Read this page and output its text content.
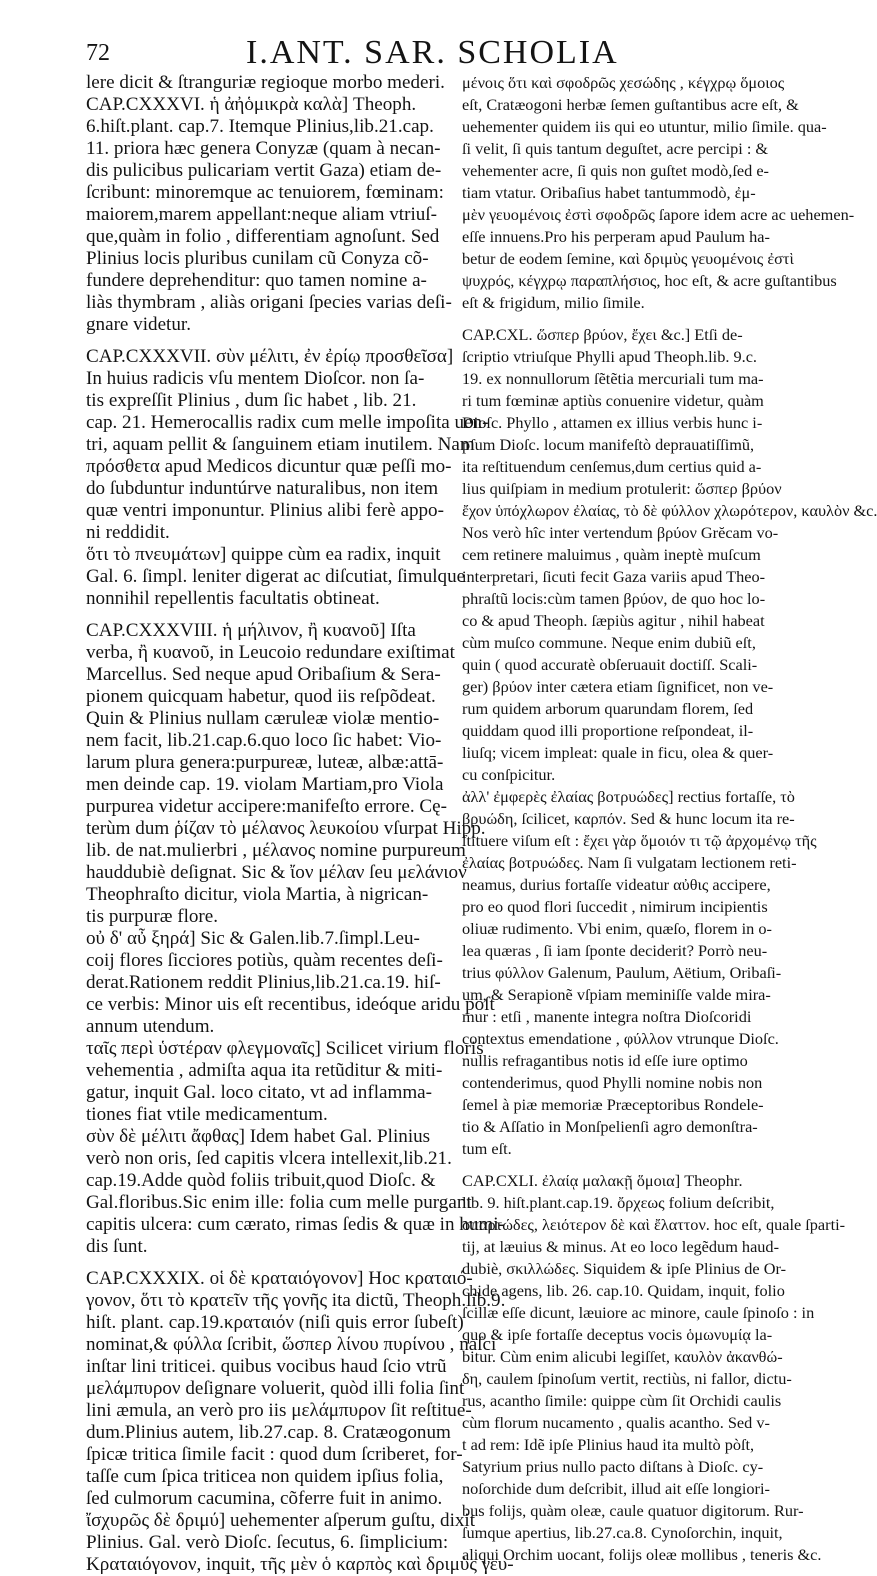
72	I.ANT. SAR. SCHOLIA
lere dicit & ſtranguriæ regioque morbo mederi.
CAP.CXXXVI. ἡ ἀἠὁμικρὰ καλὰ] Theoph.
6.hiſt.plant. cap.7. Itemque Plinius,lib.21.cap.
11. priora hæc genera Conyzæ (quam à necan-
dis pulicibus pulicariam vertit Gaza) etiam de-
ſcribunt: minoremque ac tenuiorem, fœminam:
maiorem,marem appellant:neque aliam vtriuſ-
que,quàm in folio , differentiam agnoſunt. Sed
Plinius locis pluribus cunilam cũ Conyza cõ-
fundere deprehenditur: quo tamen nomine a-
liàs thymbram , aliàs origani ſpecies varias deſi-
gnare videtur.
CAP.CXXXVII. σὺν μέλιτι, ἐν ἐρίῳ προσθεῖσα]
In huius radicis vſu mentem Dioſcor. non ſa-
tis expreſſit Plinius , dum ſic habet , lib. 21.
cap. 21. Hemerocallis radix cum melle impoſita uen-
tri, aquam pellit & ſanguinem etiam inutilem. Nam
πρόσθετα apud Medicos dicuntur quæ peſſi mo-
do ſubduntur induntúrve naturalibus, non item
quæ ventri imponuntur. Plinius alibi ferè appo-
ni reddidit.
ὅτι τὸ πνευμάτων] quippe cùm ea radix, inquit
Gal. 6. ſimpl. leniter digerat ac diſcutiat, ſimulque
nonnihil repellentis facultatis obtineat.
CAP.CXXXVIII. ἡ μήλινον, ἢ κυανοῦ] Iſta
verba, ἢ κυανοῦ, in Leucoio redundare exiſtimat
Marcellus. Sed neque apud Oribaſium & Sera-
pionem quicquam habetur, quod iis reſpõdeat.
Quin & Plinius nullam cæruleæ violæ mentio-
nem facit, lib.21.cap.6.quo loco ſic habet: Vio-
larum plura genera:purpureæ, luteæ, albæ:attā-
men deinde cap. 19. violam Martiam,pro Viola
purpurea videtur accipere:manifeſto errore. Cę-
terùm dum ῥίζαν τὸ μέλανος λευκοίου vſurpat Hipp.
lib. de nat.mulierbri , μέλανος nomine purpureum
hauddubiè deſignat. Sic & ἴον μέλαν ſeu μελάνιον
Theophraſto dicitur, viola Martia, à nigrican-
tis purpuræ flore.
οὐ δ' αὖ ξηρά] Sic & Galen.lib.7.ſimpl.Leu-
coij flores ſicciores potiùs, quàm recentes deſi-
derat.Rationem reddit Plinius,lib.21.ca.19. hiſ-
ce verbis: Minor uis eſt recentibus, ideóque aridu poſt
annum utendum.
ταῖς περὶ ὑστέραν φλεγμοναῖς] Scilicet virium floris
vehementia , admiſta aqua ita retũditur & miti-
gatur, inquit Gal. loco citato, vt ad inflamma-
tiones fiat vtile medicamentum.
σὺν δὲ μέλιτι ἄφθας] Idem habet Gal. Plinius
verò non oris, ſed capitis vlcera intellexit,lib.21.
cap.19.Adde quòd foliis tribuit,quod Dioſc. &
Gal.floribus.Sic enim ille: folia cum melle purgant
capitis ulcera: cum cærato, rimas ſedis & quæ in humi-
dis ſunt.
CAP.CXXXIX. οἱ δὲ κραταιόγονον] Hoc κραταιό-
γονον, ὅτι τὸ κρατεῖν τῆς γονῆς ita dictũ, Theoph.lib.9.
hiſt. plant. cap.19.κραταιόν (niſi quis error ſubeſt)
nominat,& φύλλα ſcribit, ὥσπερ λίνου πυρίνου , naſci
inſtar lini triticei. quibus vocibus haud ſcio vtrũ
μελάμπυρον deſignare voluerit, quòd illi folia ſint
lini æmula, an verò pro iis μελάμπυρον ſit reſtitue-
dum.Plinius autem, lib.27.cap. 8. Cratæogonum
ſpicæ tritica ſimile facit : quod dum ſcriberet, for-
taſſe cum ſpica triticea non quidem ipſius folia,
ſed culmorum cacumina, cõferre fuit in animo.
ἴσχυρῶς δὲ δριμύ] uehementer aſperum guſtu, dixit
Plinius. Gal. verò Dioſc. ſecutus, 6. ſimplicium:
Κραταιόγονον, inquit, τῆς μὲν ὁ καρπὸς καὶ δριμὺς γευ-
μένοις ὅτι καὶ σφοδρῶς χεσώδης , κέγχρῳ ὅμοιος
eſt, Cratæogoni herbæ ſemen guſtantibus acre eſt, &
uehementer quidem iis qui eo utuntur, milio ſimile. qua-
ſi velit, ſi quis tantum deguſtet, acre percipi : &
vehementer acre, ſi quis non guſtet modò,ſed e-
tiam vtatur. Oribaſius habet tantummodò, ἐμ-
μὲν γευομένοις ἐστὶ σφοδρῶς ſapore idem acre ac uehemen-
eſſe innuens.Pro his perperam apud Paulum ha-
betur de eodem ſemine, καὶ δριμὺς γευομένοις ἐστὶ
ψυχρός, κέγχρῳ παραπλήσιος, hoc eſt, & acre guſtantibus
eſt & frigidum, milio ſimile.
CAP.CXL. ὥσπερ βρύον, ἔχει &c.] Etſi de-
ſcriptio vtriuſque Phylli apud Theoph.lib. 9.c.
19. ex nonnullorum ſẽtẽtia mercuriali tum ma-
ri tum fœminæ aptiùs conuenire videtur, quàm
Dioſc. Phyllo , attamen ex illius verbis hunc i-
pſum Dioſc. locum manifeſtò deprauatiſſimũ,
ita reſtituendum cenſemus,dum certius quid a-
lius quiſpiam in medium protulerit: ὥσπερ βρύον
ἔχον ὑπόχλωρον ἐλαίας, τὸ δὲ φύλλον χλωρότερον, καυλὸν &c.
Nos verò hîc inter vertendum βρύον Grĕcam vo-
cem retinere maluimus , quàm ineptè muſcum
interpretari, ſicuti fecit Gaza variis apud Theo-
phraſtũ locis:cùm tamen βρύον, de quo hoc lo-
co & apud Theoph. ſæpiùs agitur , nihil habeat
cùm muſco commune. Neque enim dubiũ eſt,
quin ( quod accuratè obſeruauit doctiſſ. Scali-
ger) βρύον inter cætera etiam ſignificet, non ve-
rum quidem arborum quarundam florem, ſed
quiddam quod illi proportione reſpondeat, il-
liuſq; vicem impleat: quale in ficu, olea & quer-
cu conſpicitur.
ἀλλ' ἐμφερὲς ἐλαίας βοτρυώδες] rectius fortaſſe, τὸ
βρυώδη, ſcilicet, καρπόν. Sed & hunc locum ita re-
ſtituere viſum eſt : ἔχει γὰρ ὅμοιόν τι τῷ ἀρχομένῳ τῆς
ἐλαίας βοτρυώδες. Nam ſi vulgatam lectionem reti-
neamus, durius fortaſſe videatur αὐθις accipere,
pro eo quod flori ſuccedit , nimirum incipientis
oliuæ rudimento. Vbi enim, quæſo, florem in o-
lea quæras , ſi iam ſponte deciderit? Porrò neu-
trius φύλλον Galenum, Paulum, Aëtium, Oribaſi-
um, & Serapionẽ vſpiam meminiſſe valde mira-
mur : etſi , manente integra noſtra Dioſcoridi
contextus emendatione , φύλλον vtrunque Dioſc.
nullis refragantibus notis id eſſe iure optimo
contenderimus, quod Phylli nomine nobis non
ſemel à piæ memoriæ Præceptoribus Rondele-
tio & Aſſatio in Monſpelienſi agro demonſtra-
tum eſt.
CAP.CXLI. ἐλαίᾳ μαλακῇ ὅμοια] Theophr.
lib. 9. hiſt.plant.cap.19. ὄρχεως folium deſcribit,
σπαρτώδες, λειότερον δὲ καὶ ἔλαττον. hoc eſt, quale ſparti-
tij, at læuius & minus. At eo loco legẽdum haud-
dubiè, σκιλλώδες. Siquidem & ipſe Plinius de Or-
chide agens, lib. 26. cap.10. Quidam, inquit, folio
ſcillæ eſſe dicunt, læuiore ac minore, caule ſpinoſo : in
quo & ipſe fortaſſe deceptus vocis ὁμωνυμίᾳ la-
bitur. Cùm enim alicubi legiſſet, καυλὸν ἀκανθώ-
δη, caulem ſpinoſum vertit, rectiùs, ni fallor, dictu-
rus, acantho ſimile: quippe cùm ſit Orchidi caulis
cùm florum nucamento , qualis acantho. Sed v-
t ad rem: Idẽ ipſe Plinius haud ita multò pòſt,
Satyrium prius nullo pacto diſtans à Dioſc. cy-
noſorchide dum deſcribit, illud ait eſſe longiori-
bus folijs, quàm oleæ, caule quatuor digitorum. Rur-
ſumque apertius, lib.27.ca.8. Cynoſorchin, inquit,
aliqui Orchim uocant, folijs oleæ mollibus , teneris &c.
